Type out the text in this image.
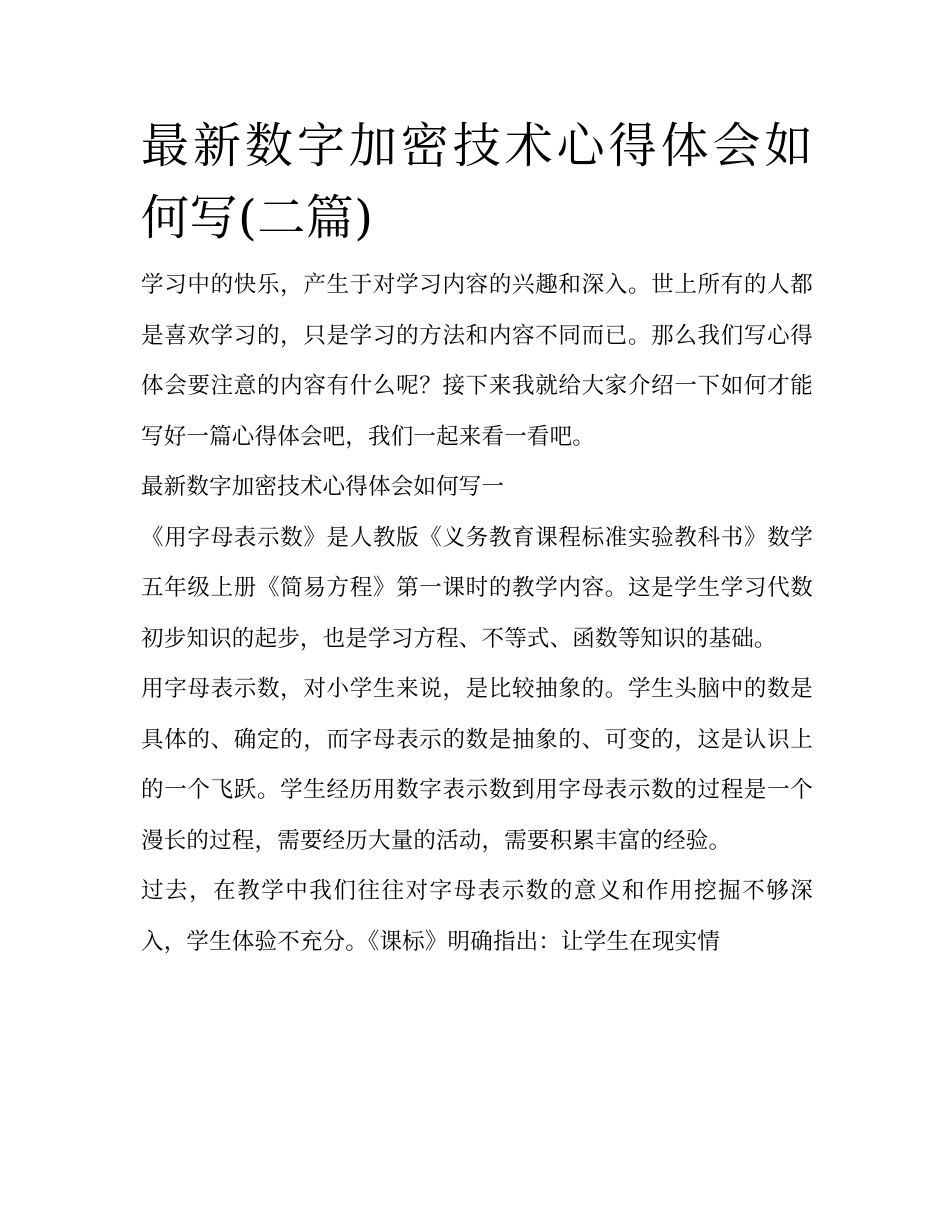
最新数字加密技术心得体会如何写(二篇)

学习中的快乐，产生于对学习内容的兴趣和深入。世上所有的人都是喜欢学习的，只是学习的方法和内容不同而已。那么我们写心得体会要注意的内容有什么呢？接下来我就给大家介绍一下如何才能写好一篇心得体会吧，我们一起来看一看吧。

最新数字加密技术心得体会如何写一

《用字母表示数》是人教版《义务教育课程标准实验教科书》数学五年级上册《简易方程》第一课时的教学内容。这是学生学习代数初步知识的起步，也是学习方程、不等式、函数等知识的基础。

用字母表示数，对小学生来说，是比较抽象的。学生头脑中的数是具体的、确定的，而字母表示的数是抽象的、可变的，这是认识上的一个飞跃。学生经历用数字表示数到用字母表示数的过程是一个漫长的过程，需要经历大量的活动，需要积累丰富的经验。

过去，在教学中我们往往对字母表示数的意义和作用挖掘不够深入，学生体验不充分。《课标》明确指出：让学生在现实情
